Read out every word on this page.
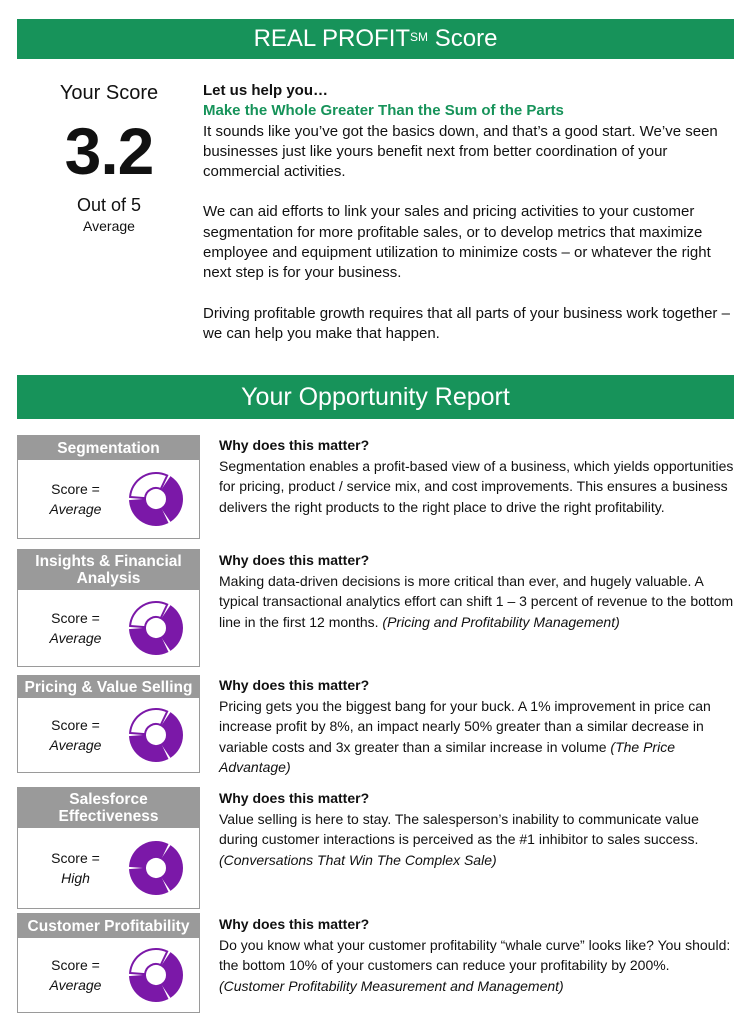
REAL PROFIT℠ Score
Your Score
3.2
Out of 5
Average

Let us help you…

Make the Whole Greater Than the Sum of the Parts

It sounds like you’ve got the basics down, and that’s a good start. We’ve seen businesses just like yours benefit next from better coordination of your commercial activities.

We can aid efforts to link your sales and pricing activities to your customer segmentation for more profitable sales, or to develop metrics that maximize employee and equipment utilization to minimize costs – or whatever the right next step is for your business.

Driving profitable growth requires that all parts of your business work together – we can help you make that happen.

Your Opportunity Report
Segmentation
Score =
Average
Insights & Financial Analysis
Score =
Average
Pricing & Value Selling
Score =
Average
Salesforce Effectiveness
Score =
High
Customer Profitability
Score =
Average
Why does this matter?
Segmentation enables a profit-based view of a business, which yields opportunities for pricing, product / service mix, and cost improvements. This ensures a business delivers the right products to the right place to drive the right profitability.
Why does this matter?
Making data-driven decisions is more critical than ever, and hugely valuable. A typical transactional analytics effort can shift 1 – 3 percent of revenue to the bottom line in the first 12 months. (Pricing and Profitability Management)
Why does this matter?
Pricing gets you the biggest bang for your buck. A 1% improvement in price can increase profit by 8%, an impact nearly 50% greater than a similar decrease in variable costs and 3x greater than a similar increase in volume (The Price Advantage)
Why does this matter?
Value selling is here to stay. The salesperson’s inability to communicate value during customer interactions is perceived as the #1 inhibitor to sales success. (Conversations That Win The Complex Sale)
Why does this matter?
Do you know what your customer profitability “whale curve” looks like? You should: the bottom 10% of your customers can reduce your profitability by 200%. (Customer Profitability Measurement and Management)
